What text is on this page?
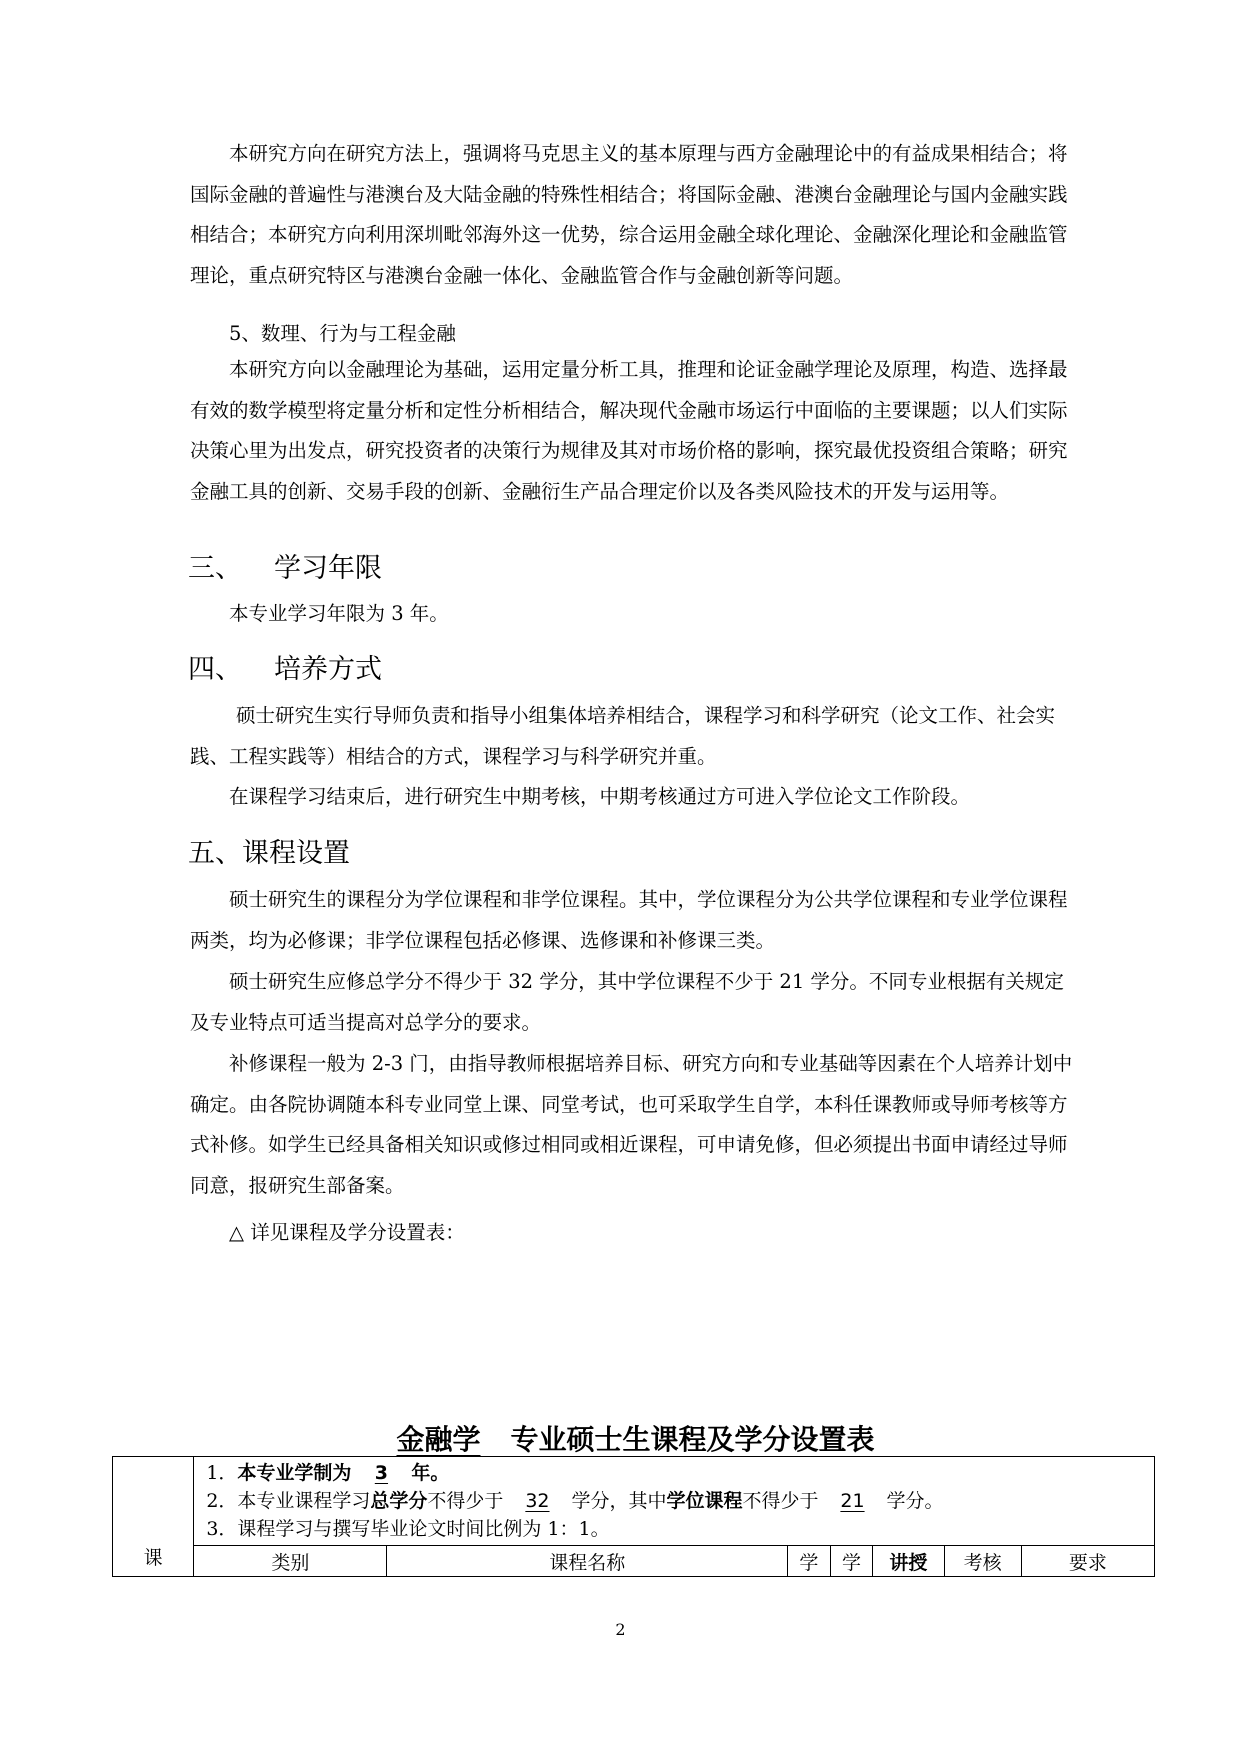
本研究方向在研究方法上，强调将马克思主义的基本原理与西方金融理论中的有益成果相结合；将国际金融的普遍性与港澳台及大陆金融的特殊性相结合；将国际金融、港澳台金融理论与国内金融实践相结合；本研究方向利用深圳毗邻海外这一优势，综合运用金融全球化理论、金融深化理论和金融监管理论，重点研究特区与港澳台金融一体化、金融监管合作与金融创新等问题。

5、数理、行为与工程金融

本研究方向以金融理论为基础，运用定量分析工具，推理和论证金融学理论及原理，构造、选择最有效的数学模型将定量分析和定性分析相结合，解决现代金融市场运行中面临的主要课题；以人们实际决策心里为出发点，研究投资者的决策行为规律及其对市场价格的影响，探究最优投资组合策略；研究金融工具的创新、交易手段的创新、金融衍生产品合理定价以及各类风险技术的开发与运用等。

三、 学习年限

本专业学习年限为 3 年。

四、 培养方式

硕士研究生实行导师负责和指导小组集体培养相结合，课程学习和科学研究（论文工作、社会实践、工程实践等）相结合的方式，课程学习与科学研究并重。

在课程学习结束后，进行研究生中期考核，中期考核通过方可进入学位论文工作阶段。

五、课程设置

硕士研究生的课程分为学位课程和非学位课程。其中，学位课程分为公共学位课程和专业学位课程两类，均为必修课；非学位课程包括必修课、选修课和补修课三类。

硕士研究生应修总学分不得少于 32 学分，其中学位课程不少于 21 学分。不同专业根据有关规定及专业特点可适当提高对总学分的要求。

补修课程一般为 2-3 门，由指导教师根据培养目标、研究方向和专业基础等因素在个人培养计划中确定。由各院协调随本科专业同堂上课、同堂考试，也可采取学生自学，本科任课教师或导师考核等方式补修。如学生已经具备相关知识或修过相同或相近课程，可申请免修，但必须提出书面申请经过导师同意，报研究生部备案。

△ 详见课程及学分设置表：

金融学 专业硕士生课程及学分设置表
课	1．本专业学制为 3 年。
2．本专业课程学习总学分不得少于 32 学分，其中学位课程不得少于 21 学分。
3．课程学习与撰写毕业论文时间比例为 1：1。						

	类别	课程名称	学	学	讲授	考核	要求
2
